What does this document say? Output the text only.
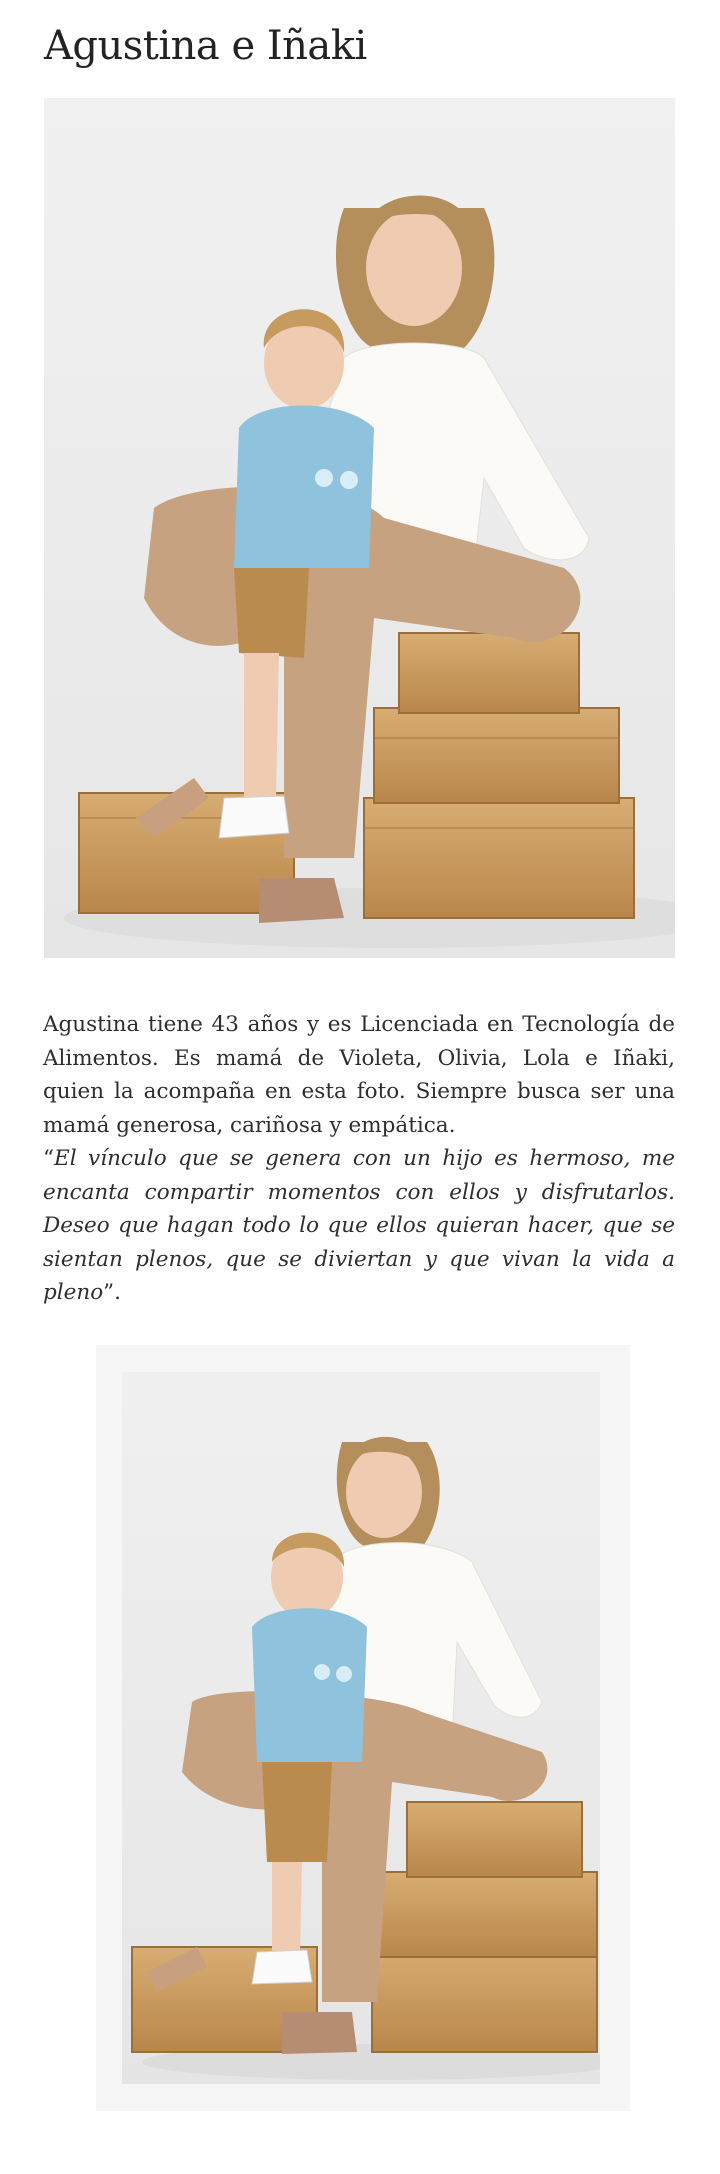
Agustina e Iñaki

Agustina tiene 43 años y es Licenciada en Tecnología de Alimentos. Es mamá de Violeta, Olivia, Lola e Iñaki, quien la acompaña en esta foto. Siempre busca ser una mamá generosa, cariñosa y empática.

“El vínculo que se genera con un hijo es hermoso, me encanta compartir momentos con ellos y disfrutarlos. Deseo que hagan todo lo que ellos quieran hacer, que se sientan plenos, que se diviertan y que vivan la vida a pleno”.
